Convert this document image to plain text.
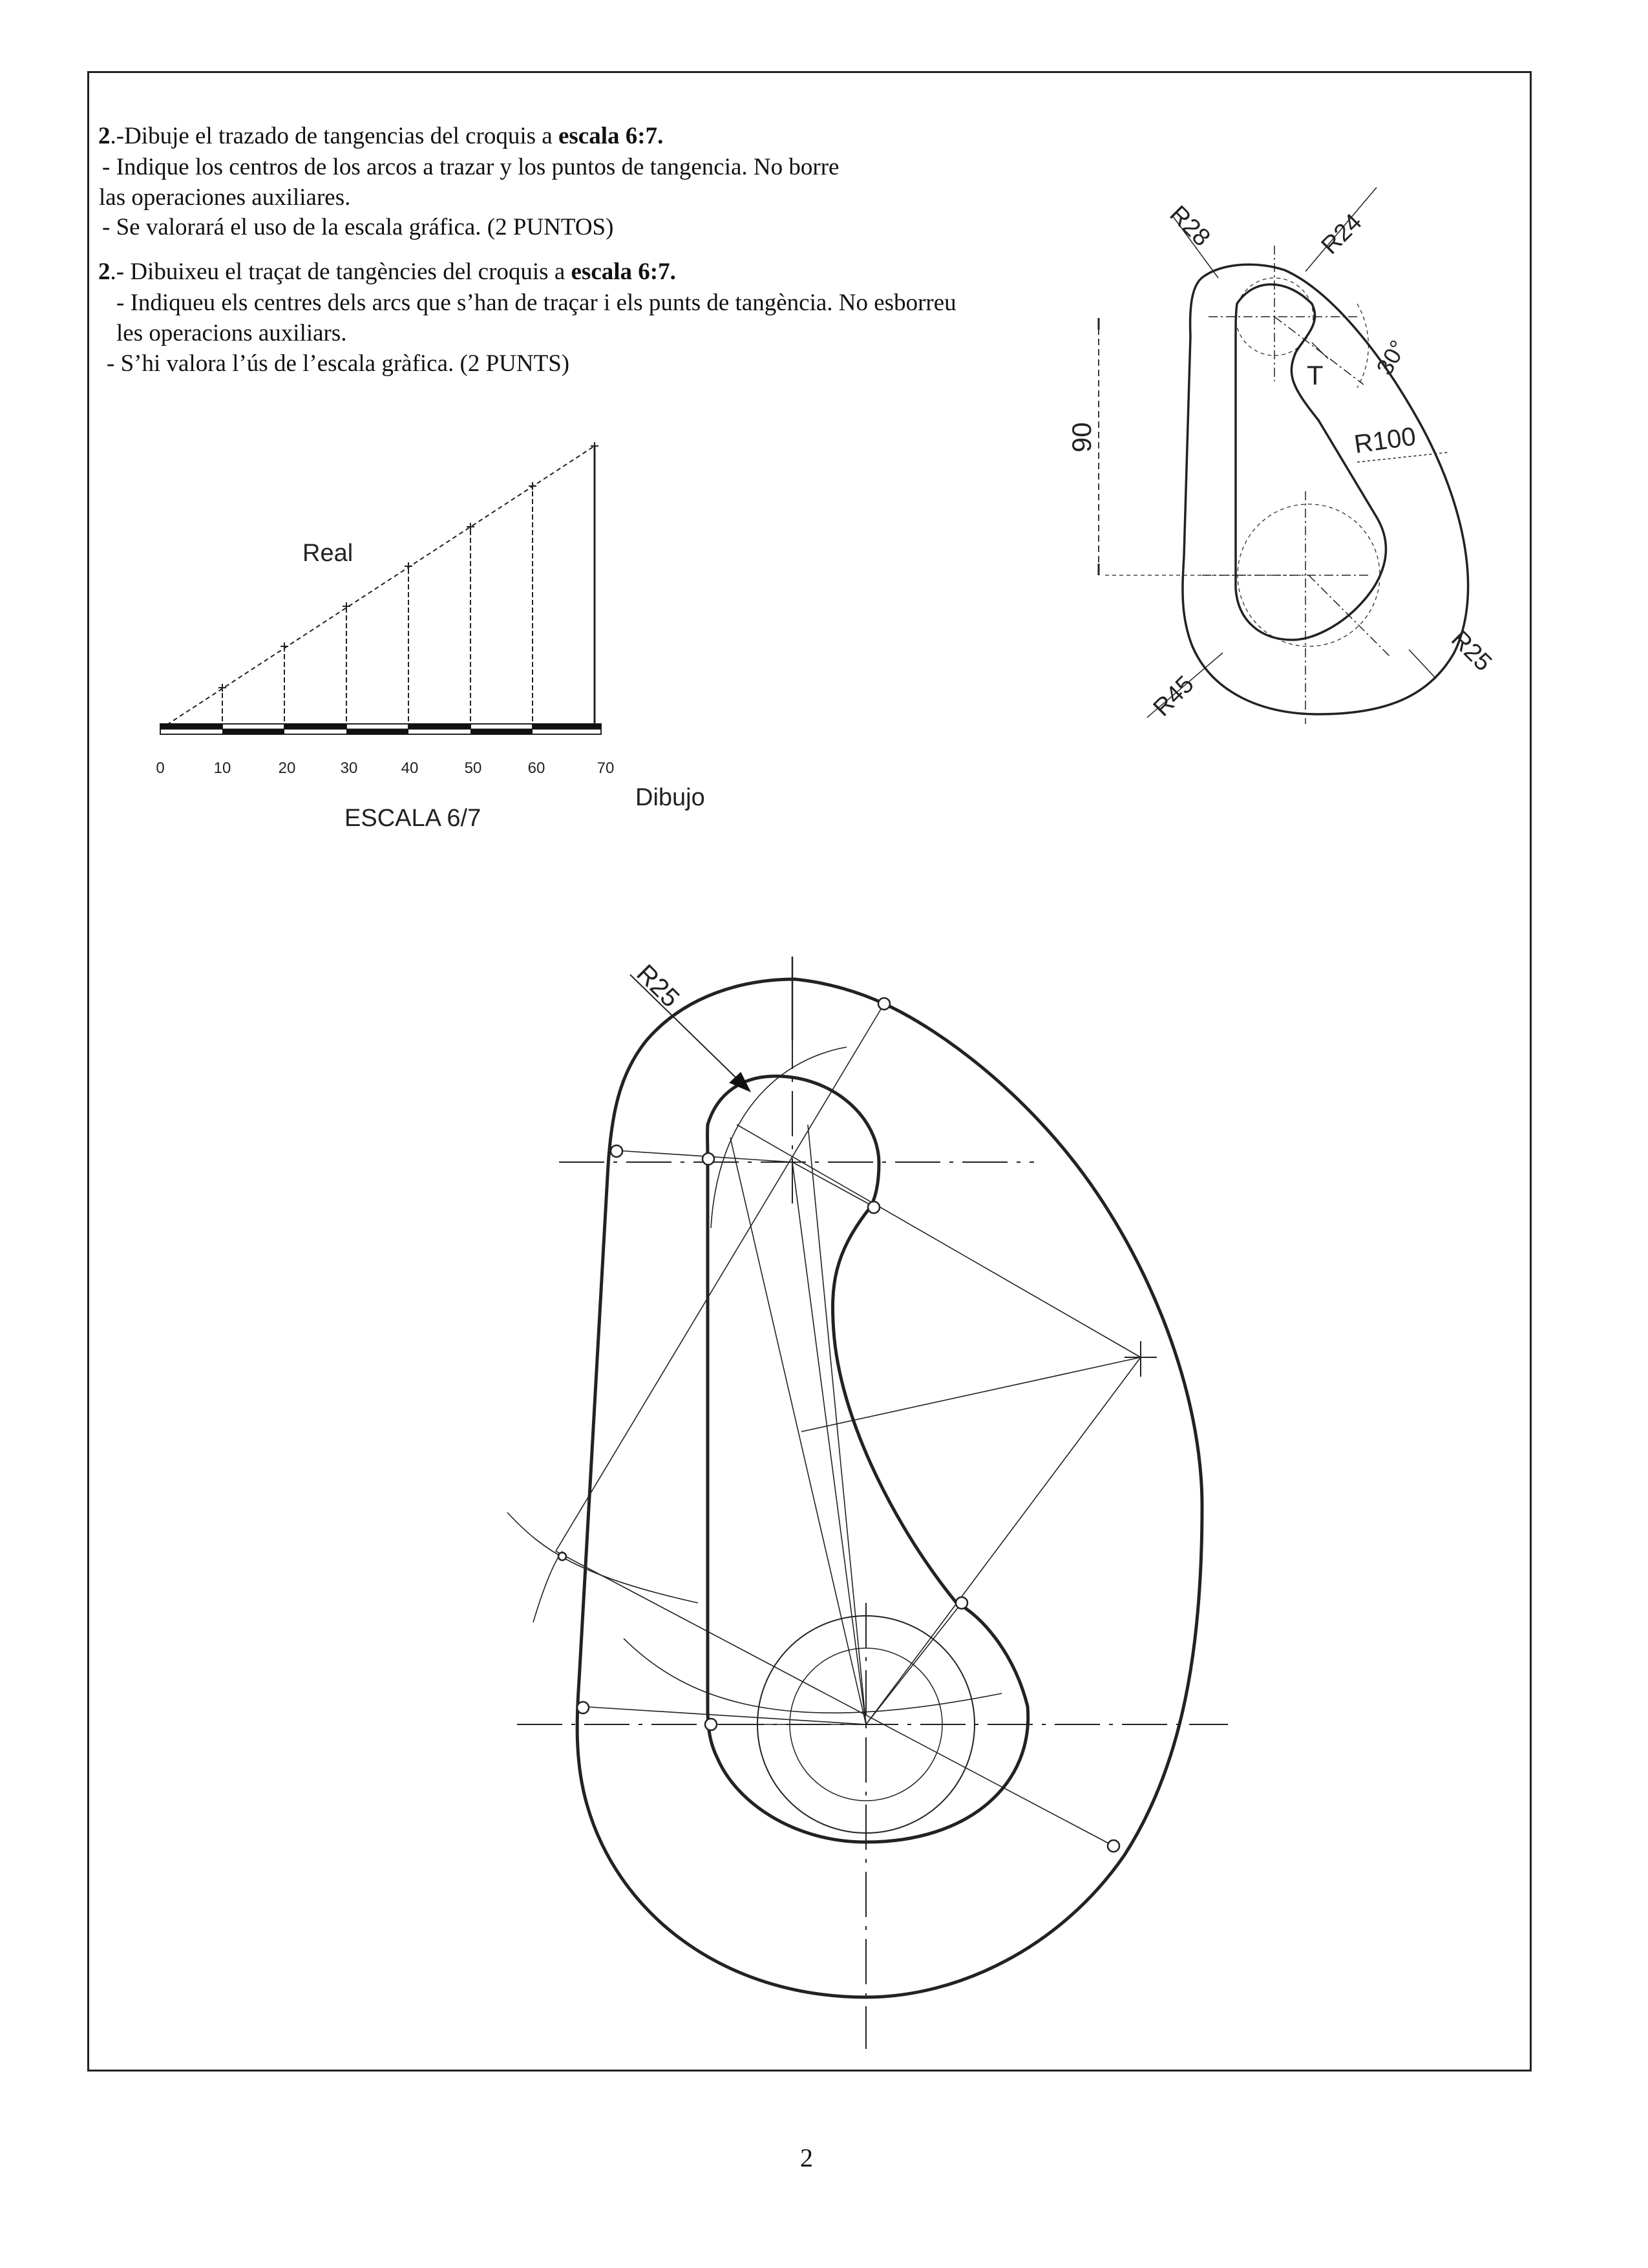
2.-Dibuje el trazado de tangencias del croquis a escala 6:7.
- Indique los centros de los arcos a trazar y los puntos de tangencia. No borre
las operaciones auxiliares.
- Se valorará el uso de la escala gráfica. (2 PUNTOS)
2.- Dibuixeu el traçat de tangències del croquis a escala 6:7.
- Indiqueu els centres dels arcs que s’han de traçar i els punts de tangència. No esborreu
les operacions auxiliars.
- S’hi valora l’ús de l’escala gràfica. (2 PUNTS)
0	10	20	30	40	50	60	70
Real
ESCALA 6/7
Dibujo
R28	R24
30°
T
R100
90
R45
R25
R25
2
